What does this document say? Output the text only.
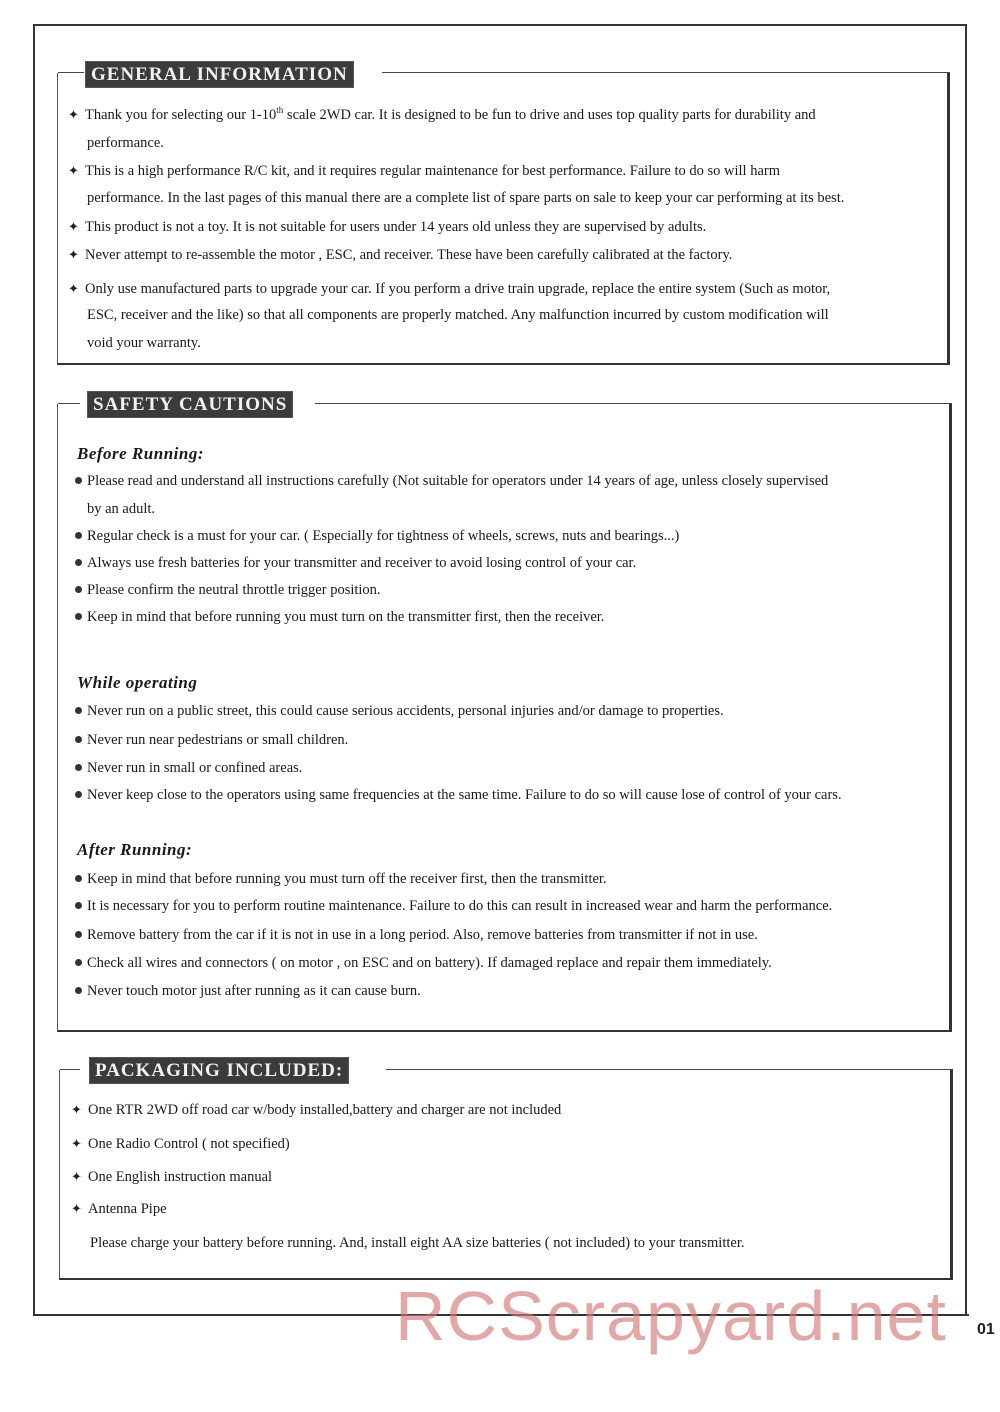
01
GENERAL INFORMATION
✦ Thank you for selecting our 1-10th scale 2WD car. It is designed to be fun to drive and uses top quality parts for durability and
performance.
✦ This is a high performance R/C kit, and it requires regular maintenance for best performance. Failure to do so will harm
performance. In the last pages of this manual there are a complete list of spare parts on sale to keep your car performing at its best.
✦ This product is not a toy. It is not suitable for users under 14 years old unless they are supervised by adults.
✦ Never attempt to re-assemble the motor , ESC, and receiver. These have been carefully calibrated at the factory.
✦ Only use manufactured parts to upgrade your car. If you perform a drive train upgrade, replace the entire system (Such as motor,
ESC, receiver and the like) so that all components are properly matched. Any malfunction incurred by custom modification will
void your warranty.
SAFETY CAUTIONS
Before Running:
Please read and understand all instructions carefully (Not suitable for operators under 14 years of age, unless closely supervised
by an adult.
Regular check is a must for your car. ( Especially for tightness of wheels, screws, nuts and bearings...)
Always use fresh batteries for your transmitter and receiver to avoid losing control of your car.
Please confirm the neutral throttle trigger position.
Keep in mind that before running you must turn on the transmitter first, then the receiver.
While operating
Never run on a public street, this could cause serious accidents, personal injuries and/or damage to properties.
Never run near pedestrians or small children.
Never run in small or confined areas.
Never keep close to the operators using same frequencies at the same time. Failure to do so will cause lose of control of your cars.
After Running:
Keep in mind that before running you must turn off the receiver first, then the transmitter.
It is necessary for you to perform routine maintenance. Failure to do this can result in increased wear and harm the performance.
Remove battery from the car if it is not in use in a long period. Also, remove batteries from transmitter if not in use.
Check all wires and connectors ( on motor , on ESC and on battery). If damaged replace and repair them immediately.
Never touch motor just after running as it can cause burn.
PACKAGING INCLUDED:
✦ One RTR 2WD off road car w/body installed,battery and charger are not included
✦ One Radio Control ( not specified)
✦ One English instruction manual
✦ Antenna Pipe
Please charge your battery before running. And, install eight AA size batteries ( not included) to your transmitter.
RCScrapyard.net
